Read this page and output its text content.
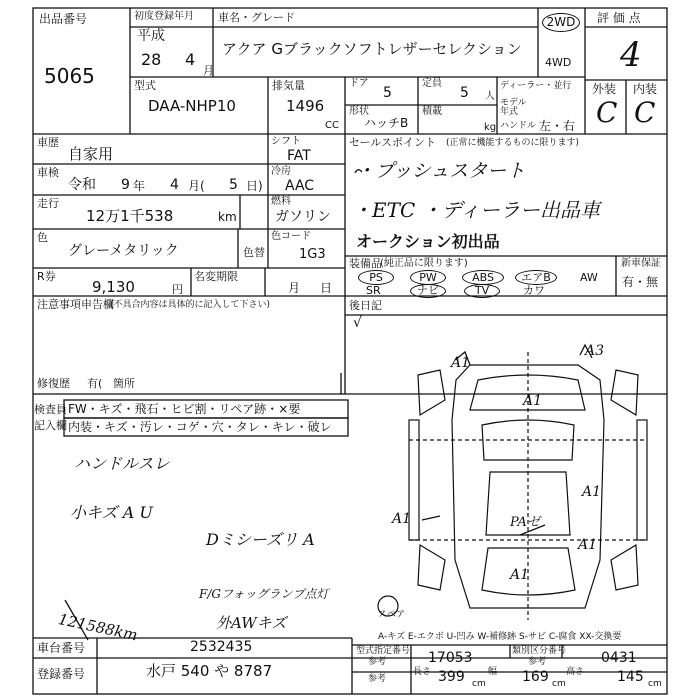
出品番号
5065
初度登録年月
平成
28 4
月
車名・グレード
アクア Gブラックソフトレザーセレクション
2WD
4WD
評 価 点
4
外装 内装
C C
型式
DAA-NHP10
排気量
1496
CC
ドア
5
形状
ハッチB
定員
5 人
積載
kg
ディーラー・並行
モデル
年式
ハンドル 左・右
車歴
自家用
車検
令和 9 年 4 月( 5 日)
走行
12万1千538	km
色
グレーメタリック	色替
R券
9,130	円
名変期限
月 日
シフト
FAT
冷房
AAC
燃料
ガソリン
色コード
1G3
セールスポイント (正常に機能するものに限ります)
・プッシュスタート
・ETC ・ディーラー出品車
オークション初出品
装備品
(純正品に限ります)	新車保証
PS	PW	ABS	エアB	AW
SR	ナビ	TV	カワ
有・無
注意事項申告欄
(不具合内容は具体的に記入して下さい)
修復歴 有( 箇所
後日記
√
検査員
記入欄
FW・キズ・飛石・ヒビ割・リペア跡・×要
内装・キズ・汚レ・コゲ・穴・タレ・キレ・破レ
ハンドルスレ
小キズ A U
Dミシーズリ A
F/Gフォッグランプ点灯
外AWキズ
121588km
A1
A3
A1
A1
A1	PAゼ
A1
A1
スペア
A-キズ E-エクボ U-凹み W-補修跡 S-サビ C-腐食 XX-交換要
車台番号	2532435
登録番号	水戸 540 や 8787
型式指定番号
参考	17053	類別区分番号
参考	0431
参考
長さ 399 cm
幅 169 cm
高さ 145 cm
